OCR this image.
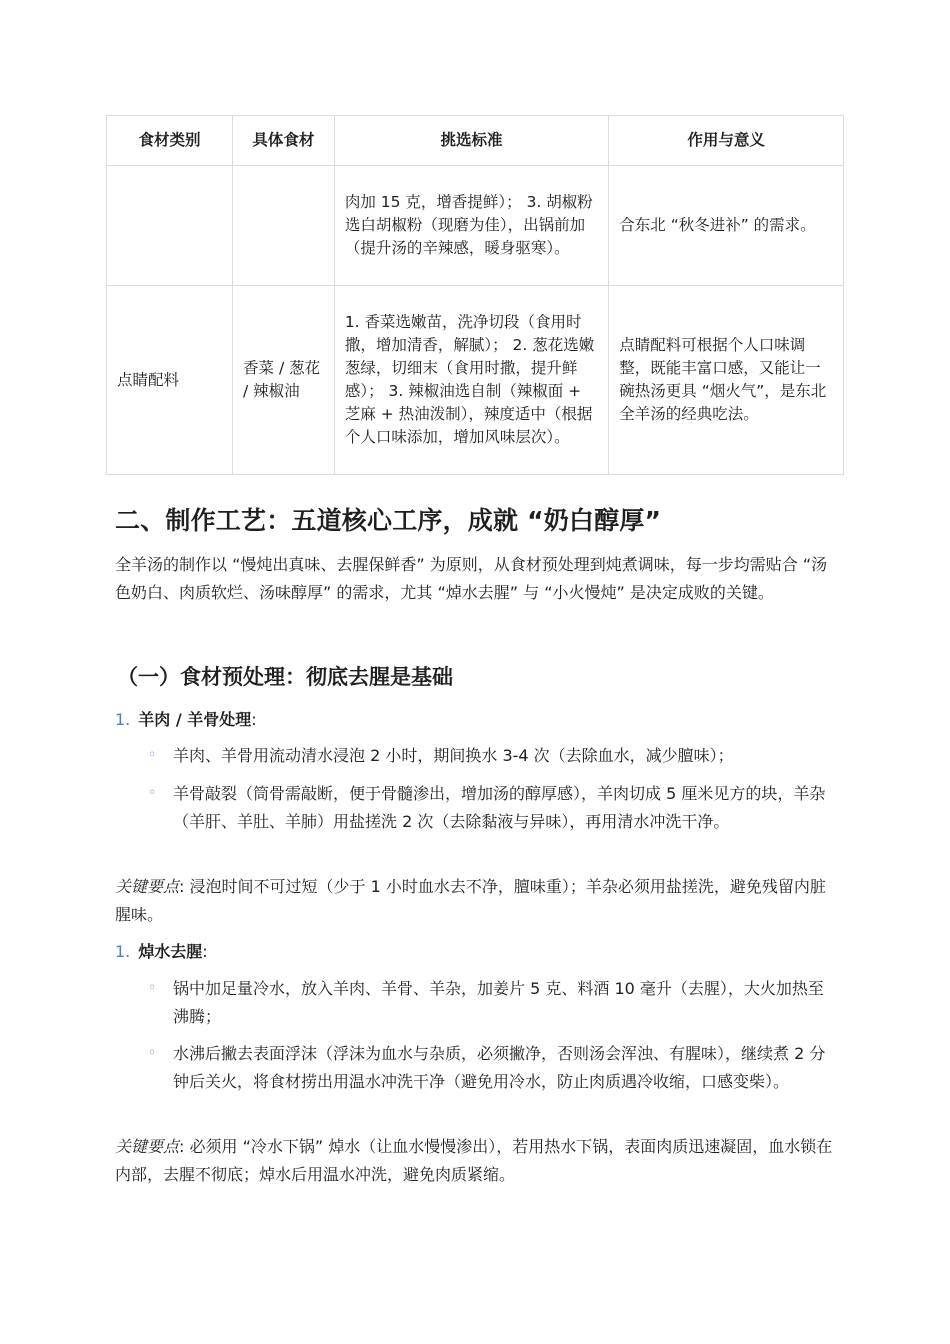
食材类别	具体食材	挑选标准	作用与意义
		肉加 15 克，增香提鲜）； 3. 胡椒粉选白胡椒粉（现磨为佳），出锅前加（提升汤的辛辣感，暖身驱寒）。	合东北 “秋冬进补” 的需求。
点睛配料	香菜 / 葱花 / 辣椒油	1. 香菜选嫩苗，洗净切段（食用时撒，增加清香，解腻）； 2. 葱花选嫩葱绿，切细末（食用时撒，提升鲜感）； 3. 辣椒油选自制（辣椒面 + 芝麻 + 热油泼制），辣度适中（根据个人口味添加，增加风味层次）。	点睛配料可根据个人口味调整，既能丰富口感，又能让一碗热汤更具 “烟火气”，是东北全羊汤的经典吃法。
二、制作工艺：五道核心工序，成就 “奶白醇厚”

全羊汤的制作以 “慢炖出真味、去腥保鲜香” 为原则，从食材预处理到炖煮调味，每一步均需贴合 “汤色奶白、肉质软烂、汤味醇厚” 的需求，尤其 “焯水去腥” 与 “小火慢炖” 是决定成败的关键。

（一）食材预处理：彻底去腥是基础

1. 羊肉 / 羊骨处理:

◦ 羊肉、羊骨用流动清水浸泡 2 小时，期间换水 3-4 次（去除血水，减少膻味）；
◦ 羊骨敲裂（筒骨需敲断，便于骨髓渗出，增加汤的醇厚感），羊肉切成 5 厘米见方的块，羊杂（羊肝、羊肚、羊肺）用盐搓洗 2 次（去除黏液与异味），再用清水冲洗干净。

关键要点: 浸泡时间不可过短（少于 1 小时血水去不净，膻味重）；羊杂必须用盐搓洗，避免残留内脏腥味。

1. 焯水去腥:

◦ 锅中加足量冷水，放入羊肉、羊骨、羊杂，加姜片 5 克、料酒 10 毫升（去腥），大火加热至沸腾；
◦ 水沸后撇去表面浮沫（浮沫为血水与杂质，必须撇净，否则汤会浑浊、有腥味），继续煮 2 分钟后关火，将食材捞出用温水冲洗干净（避免用冷水，防止肉质遇冷收缩，口感变柴）。

关键要点: 必须用 “冷水下锅” 焯水（让血水慢慢渗出），若用热水下锅，表面肉质迅速凝固，血水锁在内部，去腥不彻底；焯水后用温水冲洗，避免肉质紧缩。
